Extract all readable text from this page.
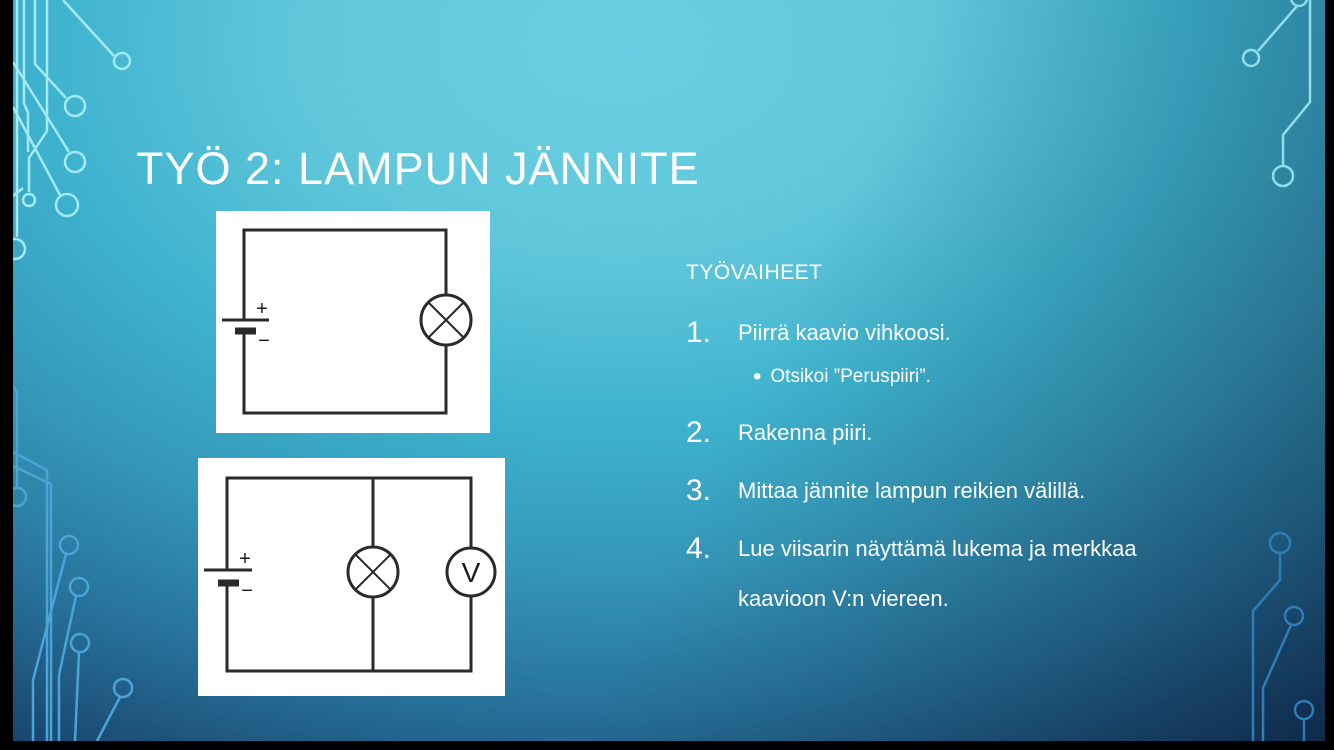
TYÖ 2: LAMPUN JÄNNITE
+
−
+
−
V
TYÖVAIHEET
1.	Piirrä kaavio vihkoosi.
• Otsikoi ”Peruspiiri”.
2.	Rakenna piiri.
3.	Mittaa jännite lampun reikien välillä.
4.	Lue viisarin näyttämä lukema ja merkkaa kaavioon V:n viereen.
